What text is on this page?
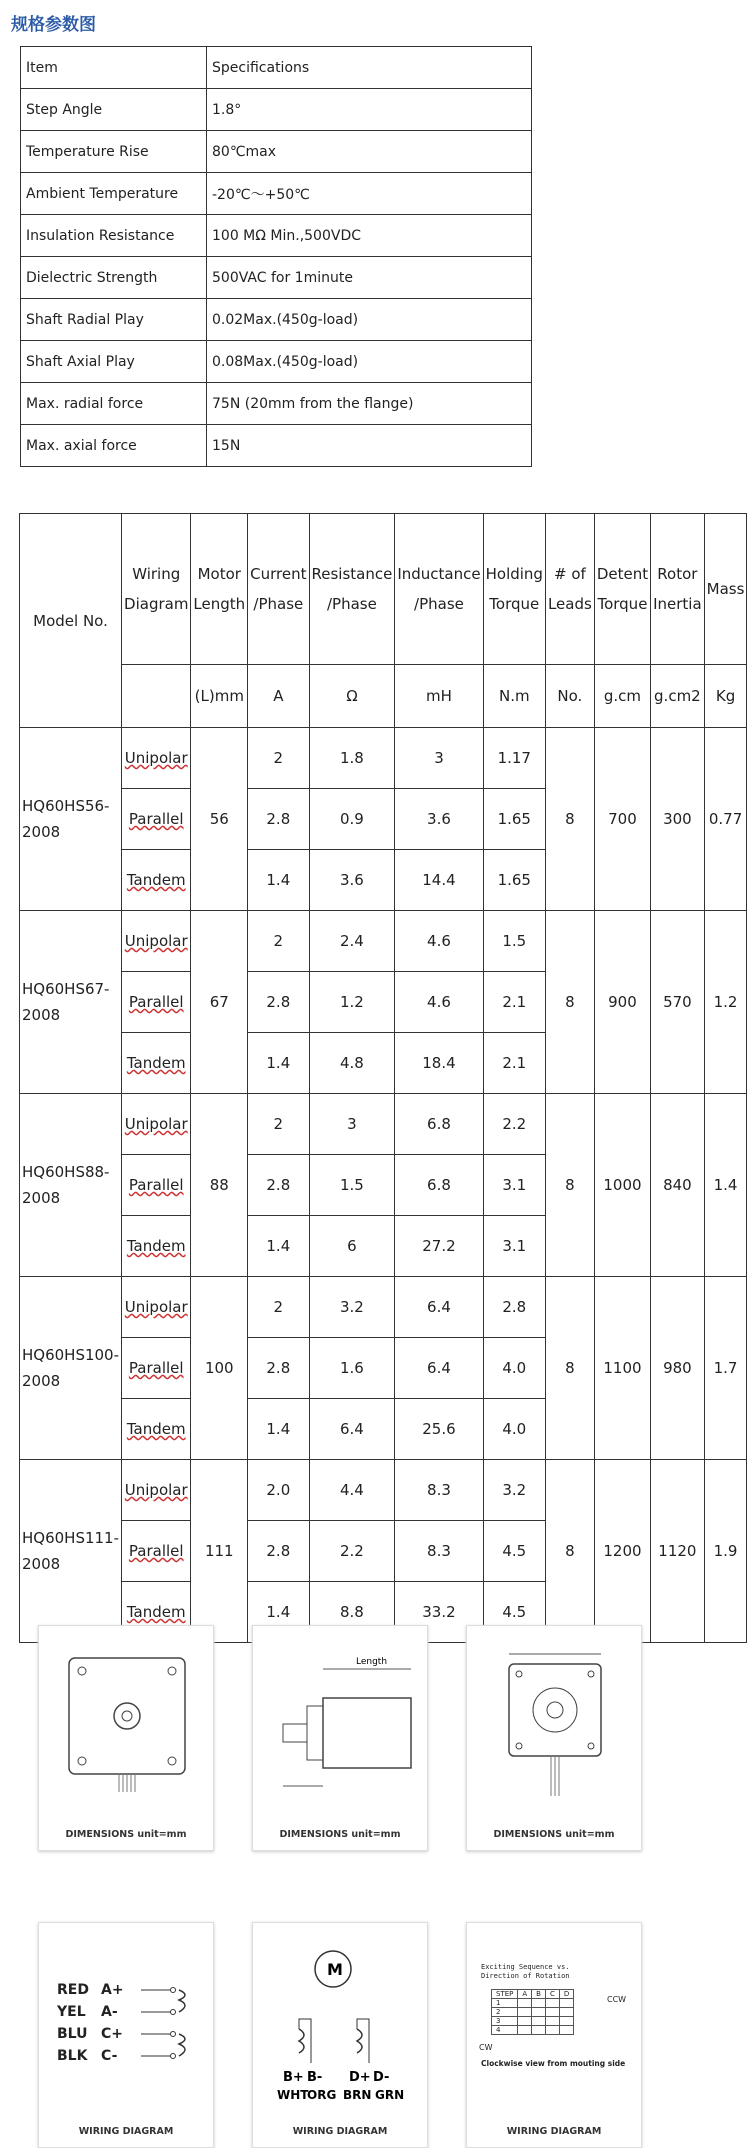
规格参数图
Item	Specifications
Step Angle	1.8°
Temperature Rise	80℃max
Ambient Temperature	-20℃～+50℃
Insulation Resistance	100 MΩ Min.,500VDC
Dielectric Strength	500VAC for 1minute
Shaft Radial Play	0.02Max.(450g-load)
Shaft Axial Play	0.08Max.(450g-load)
Max. radial force	75N (20mm from the flange)
Max. axial force	15N
Model No.	Wiring Diagram	Motor Length	Current /Phase	Resistance /Phase	Inductance /Phase	Holding Torque	# of Leads	Detent Torque	Rotor Inertia	Mass
		(L)mm	A	Ω	mH	N.m	No.	g.cm	g.cm2	Kg
HQ60HS56-2008	Unipolar	56	2	1.8	3	1.17	8	700	300	0.77
	Parallel		2.8	0.9	3.6	1.65				
	Tandem		1.4	3.6	14.4	1.65				
HQ60HS67-2008	Unipolar	67	2	2.4	4.6	1.5	8	900	570	1.2
	Parallel		2.8	1.2	4.6	2.1				
	Tandem		1.4	4.8	18.4	2.1				
HQ60HS88-2008	Unipolar	88	2	3	6.8	2.2	8	1000	840	1.4
	Parallel		2.8	1.5	6.8	3.1				
	Tandem		1.4	6	27.2	3.1				
HQ60HS100-2008	Unipolar	100	2	3.2	6.4	2.8	8	1100	980	1.7
	Parallel		2.8	1.6	6.4	4.0				
	Tandem		1.4	6.4	25.6	4.0				
HQ60HS111-2008	Unipolar	111	2.0	4.4	8.3	3.2	8	1200	1120	1.9
	Parallel		2.8	2.2	8.3	4.5				
	Tandem		1.4	8.8	33.2	4.5				
DIMENSIONS unit=mm
Length
DIMENSIONS unit=mm	DIMENSIONS unit=mm
RED A+
YEL A-
BLU C+
BLK C-
WIRING DIAGRAM
M
B+ B- D+ D-
WHT
ORG BRN GRN
WIRING DIAGRAM
Exciting Sequence vs. Direction of Rotation
STEP	A	B	C	D
1				
2				
3				
4				
CCW
CW
Clockwise view from mouting side
WIRING DIAGRAM
